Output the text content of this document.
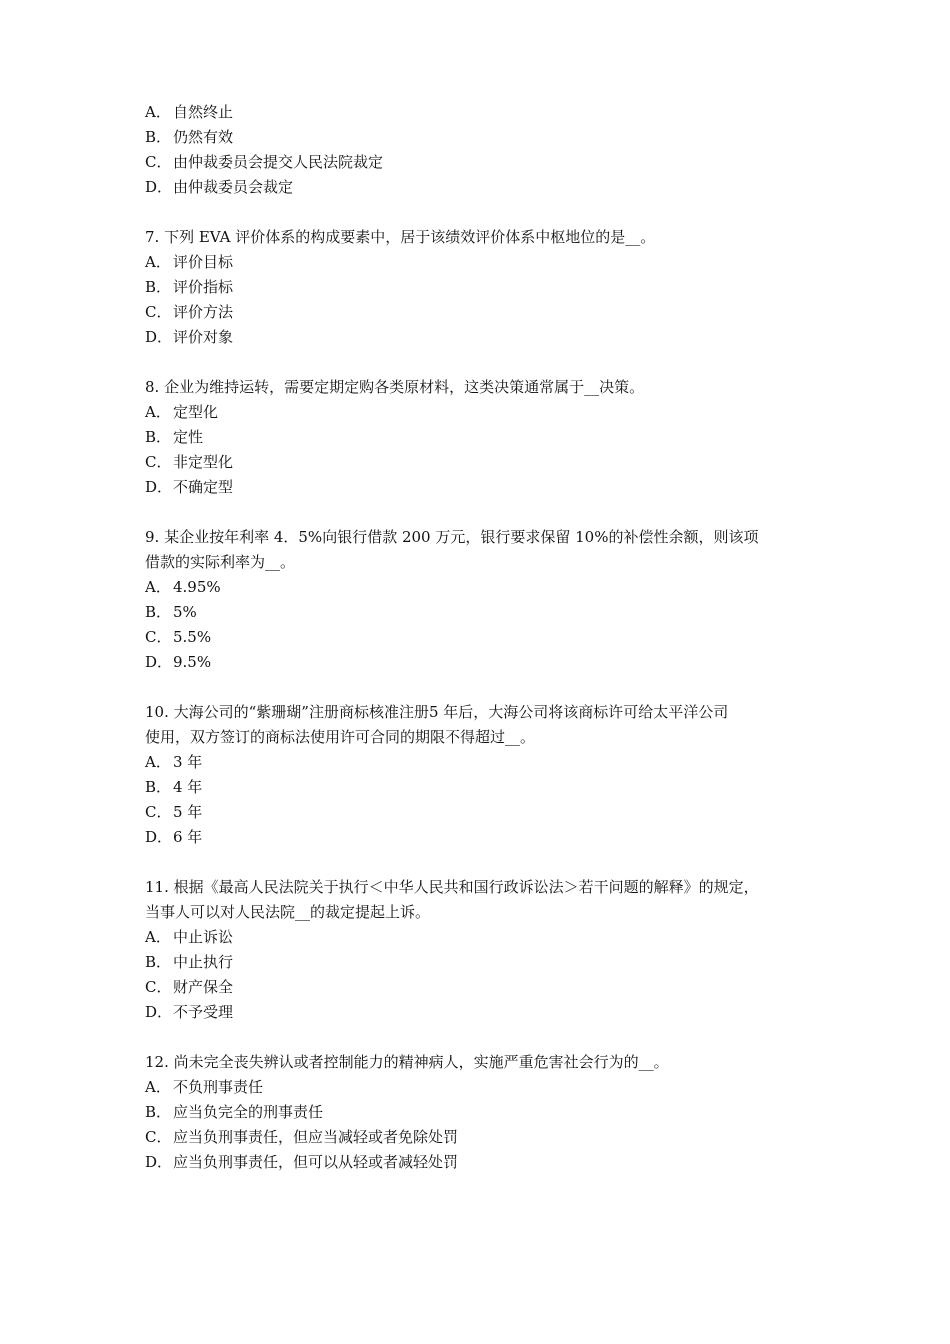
A． 自然终止
B． 仍然有效
C． 由仲裁委员会提交人民法院裁定
D．由仲裁委员会裁定
7. 下列 EVA 评价体系的构成要素中，居于该绩效评价体系中枢地位的是__。
A． 评价目标
B． 评价指标
C． 评价方法
D．评价对象
8. 企业为维持运转，需要定期定购各类原材料，这类决策通常属于__决策。
A． 定型化
B． 定性
C． 非定型化
D．不确定型
9. 某企业按年利率 4．5%向银行借款 200 万元，银行要求保留 10%的补偿性余额，则该项
借款的实际利率为__。
A． 4.95%
B． 5%
C． 5.5%
D．9.5%
10. 大海公司的“紫珊瑚”注册商标核准注册5 年后，大海公司将该商标许可给太平洋公司
使用，双方签订的商标法使用许可合同的期限不得超过__。
A． 3 年
B． 4 年
C． 5 年
D．6 年
11. 根据《最高人民法院关于执行＜中华人民共和国行政诉讼法＞若干问题的解释》的规定，
当事人可以对人民法院__的裁定提起上诉。
A． 中止诉讼
B． 中止执行
C． 财产保全
D．不予受理
12. 尚未完全丧失辨认或者控制能力的精神病人，实施严重危害社会行为的__。
A． 不负刑事责任
B． 应当负完全的刑事责任
C． 应当负刑事责任，但应当减轻或者免除处罚
D．应当负刑事责任，但可以从轻或者减轻处罚
